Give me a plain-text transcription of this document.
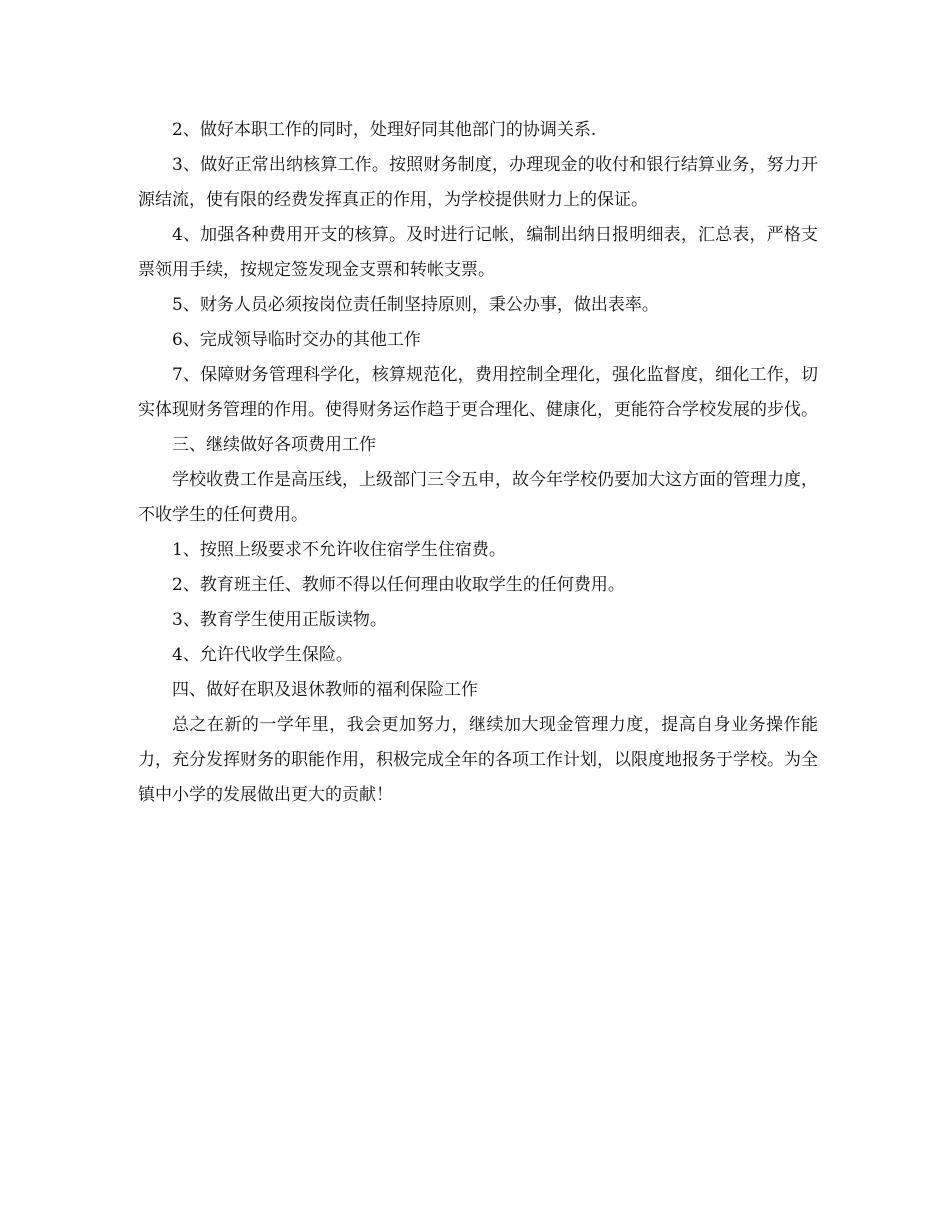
2、做好本职工作的同时，处理好同其他部门的协调关系.

3、做好正常出纳核算工作。按照财务制度，办理现金的收付和银行结算业务，努力开源结流，使有限的经费发挥真正的作用，为学校提供财力上的保证。

4、加强各种费用开支的核算。及时进行记帐，编制出纳日报明细表，汇总表，严格支票领用手续，按规定签发现金支票和转帐支票。

5、财务人员必须按岗位责任制坚持原则，秉公办事，做出表率。

6、完成领导临时交办的其他工作

7、保障财务管理科学化，核算规范化，费用控制全理化，强化监督度，细化工作，切实体现财务管理的作用。使得财务运作趋于更合理化、健康化，更能符合学校发展的步伐。

三、继续做好各项费用工作

学校收费工作是高压线，上级部门三令五申，故今年学校仍要加大这方面的管理力度，不收学生的任何费用。

1、按照上级要求不允许收住宿学生住宿费。

2、教育班主任、教师不得以任何理由收取学生的任何费用。

3、教育学生使用正版读物。

4、允许代收学生保险。

四、做好在职及退休教师的福利保险工作

总之在新的一学年里，我会更加努力，继续加大现金管理力度，提高自身业务操作能力，充分发挥财务的职能作用，积极完成全年的各项工作计划，以限度地报务于学校。为全镇中小学的发展做出更大的贡献！
